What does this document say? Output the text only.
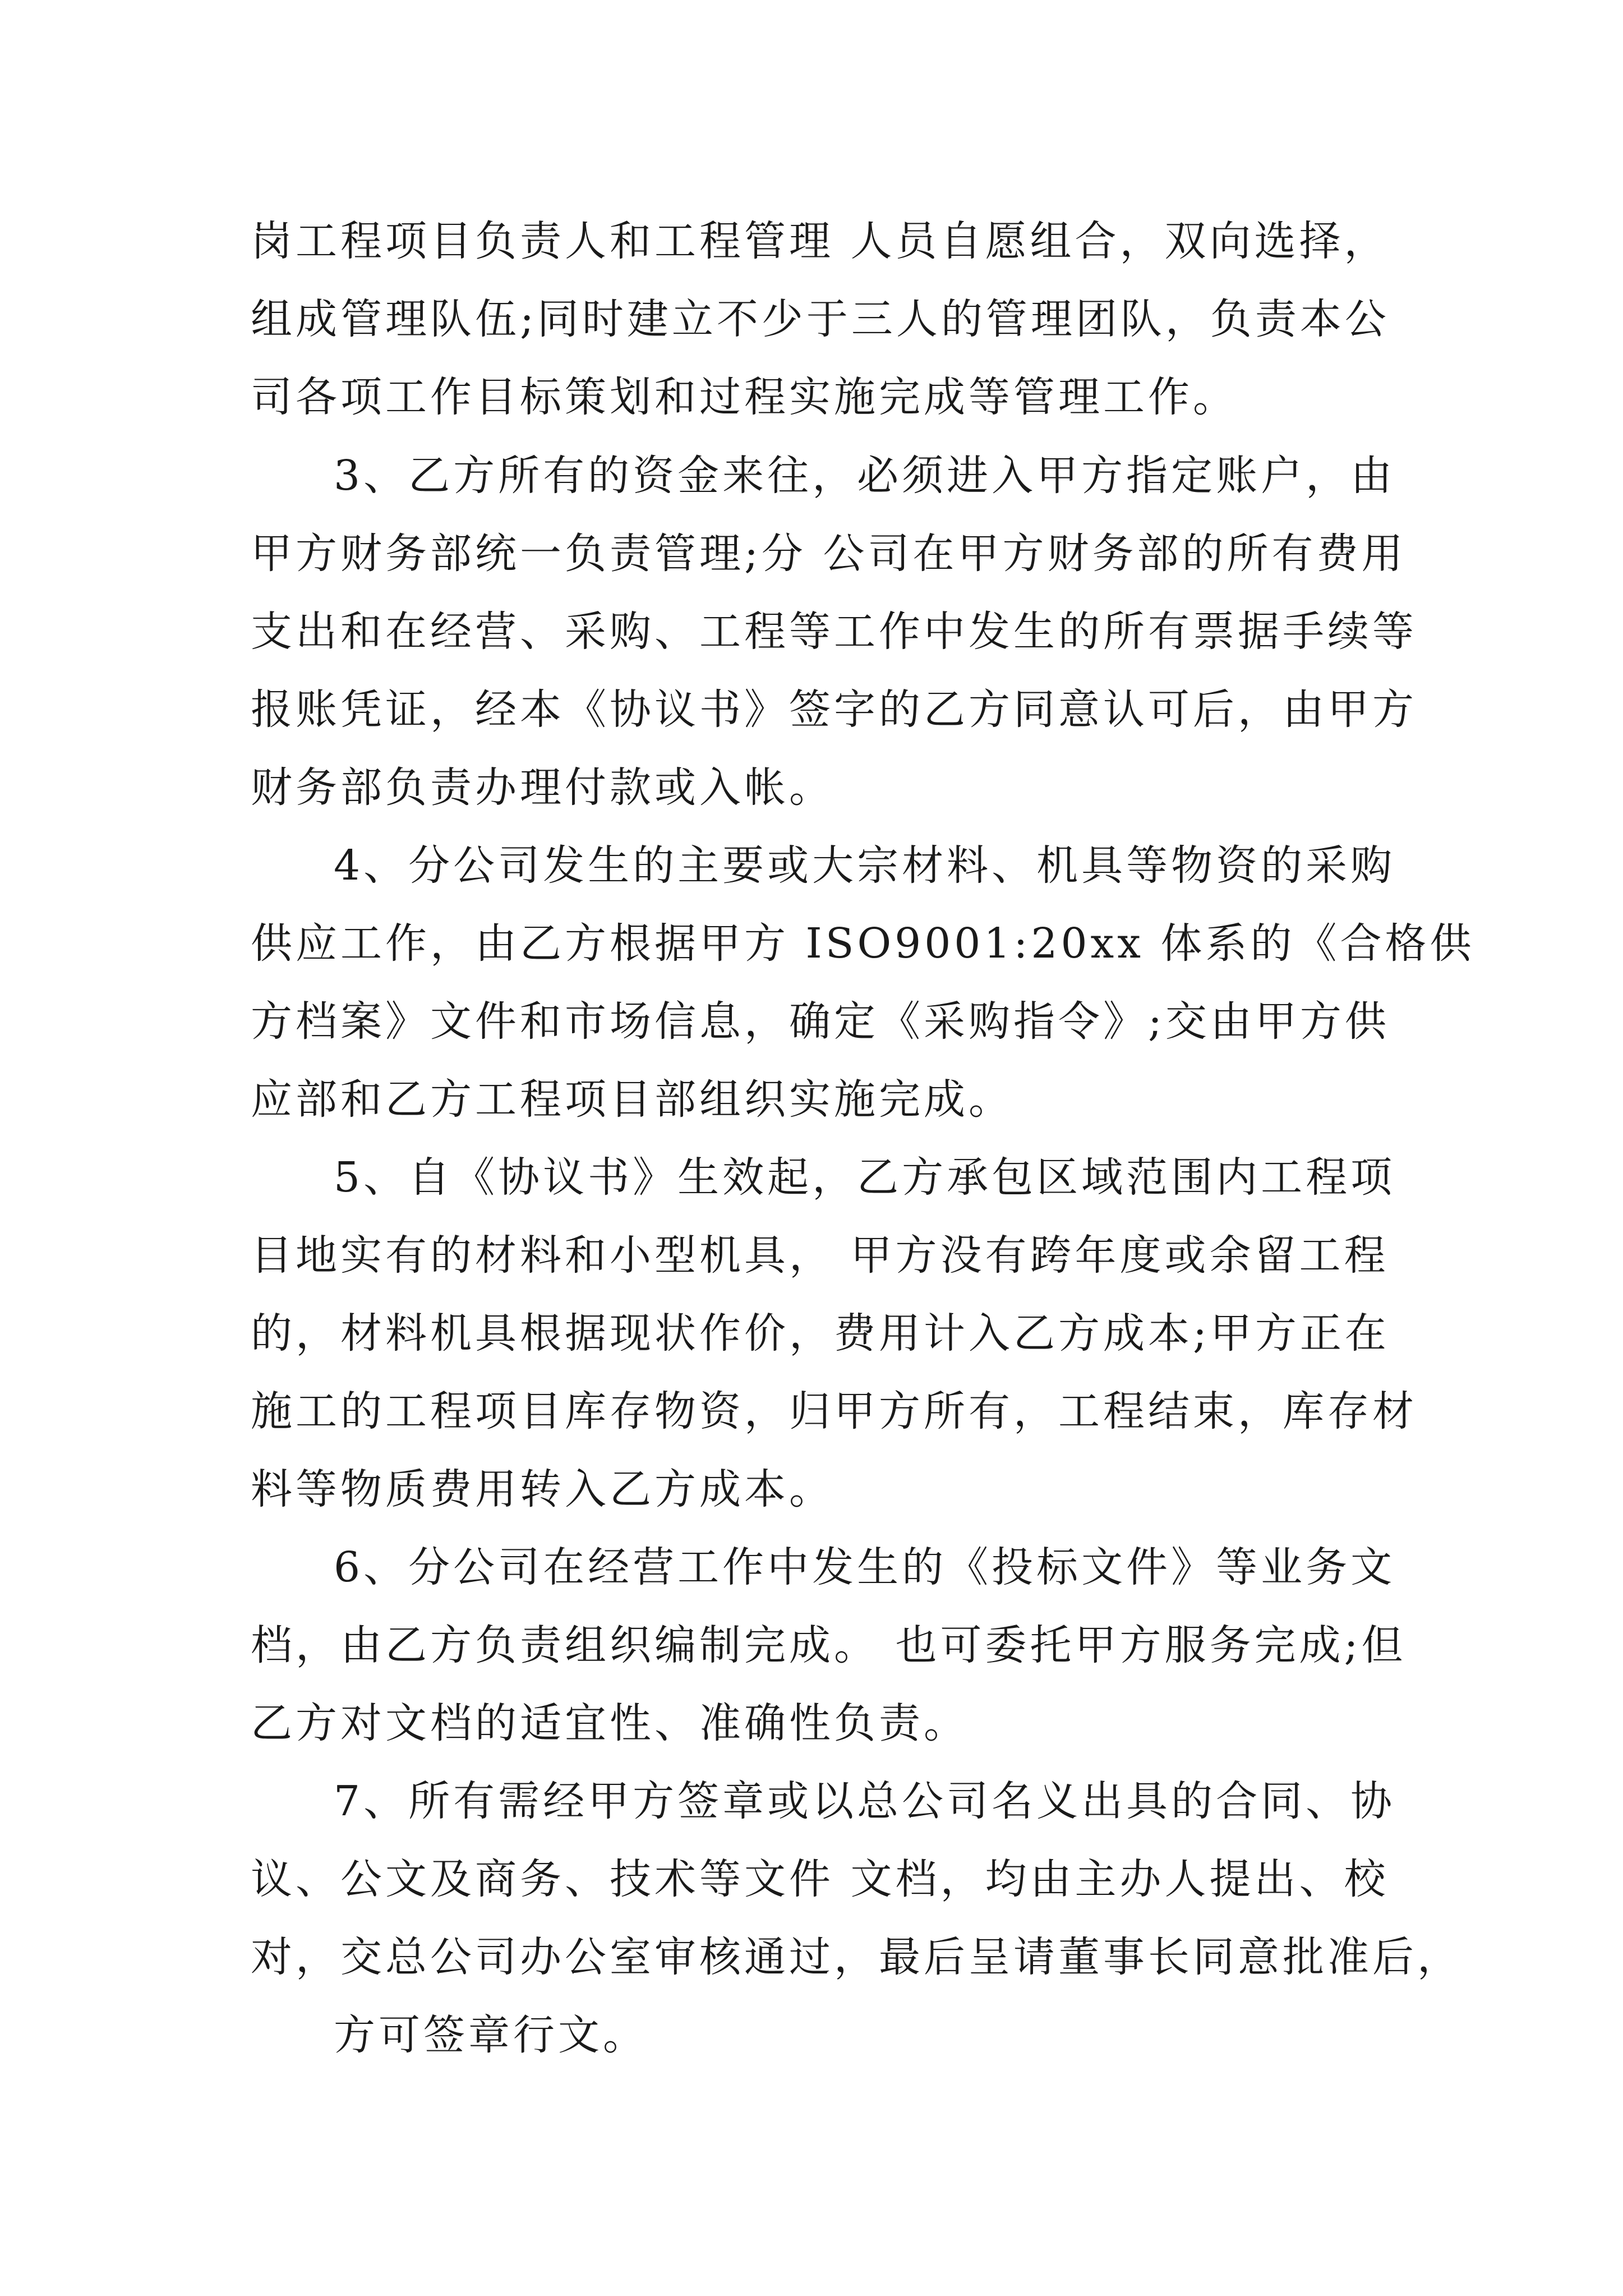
岗工程项目负责人和工程管理 人员自愿组合，双向选择，

组成管理队伍;同时建立不少于三人的管理团队，负责本公

司各项工作目标策划和过程实施完成等管理工作。

3、乙方所有的资金来往，必须进入甲方指定账户，由

甲方财务部统一负责管理;分 公司在甲方财务部的所有费用

支出和在经营、采购、工程等工作中发生的所有票据手续等

报账凭证，经本《协议书》签字的乙方同意认可后，由甲方

财务部负责办理付款或入帐。

4、分公司发生的主要或大宗材料、机具等物资的采购

供应工作，由乙方根据甲方 ISO9001:20xx 体系的《合格供

方档案》文件和市场信息，确定《采购指令》;交由甲方供

应部和乙方工程项目部组织实施完成。

5、自《协议书》生效起，乙方承包区域范围内工程项

目地实有的材料和小型机具， 甲方没有跨年度或余留工程

的，材料机具根据现状作价，费用计入乙方成本;甲方正在

施工的工程项目库存物资，归甲方所有，工程结束，库存材

料等物质费用转入乙方成本。

6、分公司在经营工作中发生的《投标文件》等业务文

档，由乙方负责组织编制完成。 也可委托甲方服务完成;但

乙方对文档的适宜性、准确性负责。

7、所有需经甲方签章或以总公司名义出具的合同、协

议、公文及商务、技术等文件 文档，均由主办人提出、校

对，交总公司办公室审核通过，最后呈请董事长同意批准后，

方可签章行文。
